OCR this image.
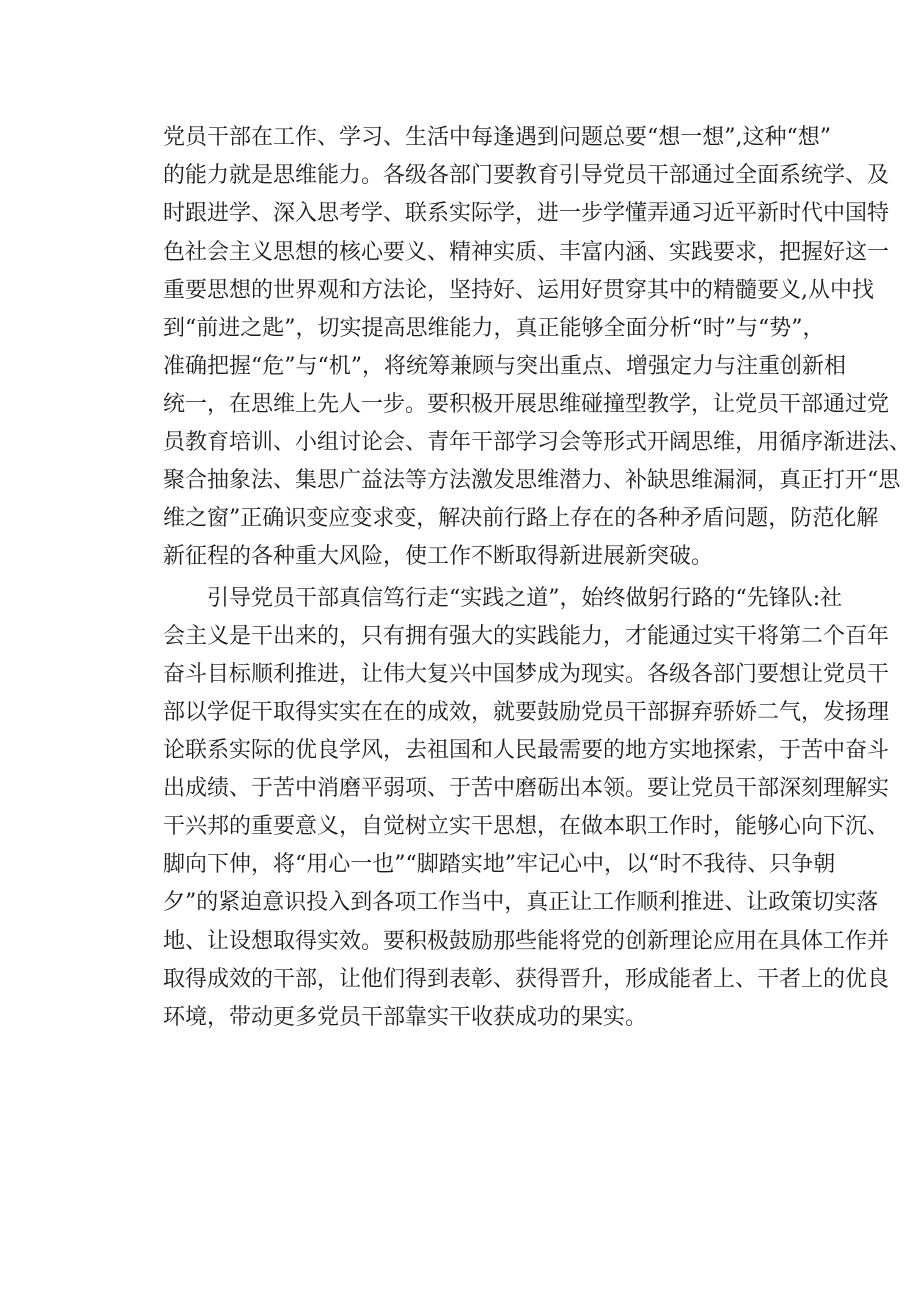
党员干部在工作、学习、生活中每逢遇到问题总要“想一想”,这种“想”

的能力就是思维能力。各级各部门要教育引导党员干部通过全面系统学、及

时跟进学、深入思考学、联系实际学，进一步学懂弄通习近平新时代中国特

色社会主义思想的核心要义、精神实质、丰富内涵、实践要求，把握好这一

重要思想的世界观和方法论，坚持好、运用好贯穿其中的精髓要义,从中找

到“前进之匙”，切实提高思维能力，真正能够全面分析“时”与“势”，

准确把握“危”与“机”，将统筹兼顾与突出重点、增强定力与注重创新相

统一，在思维上先人一步。要积极开展思维碰撞型教学，让党员干部通过党

员教育培训、小组讨论会、青年干部学习会等形式开阔思维，用循序渐进法、

聚合抽象法、集思广益法等方法激发思维潜力、补缺思维漏洞，真正打开“思

维之窗”正确识变应变求变，解决前行路上存在的各种矛盾问题，防范化解

新征程的各种重大风险，使工作不断取得新进展新突破。

引导党员干部真信笃行走“实践之道”，始终做躬行路的“先锋队:社

会主义是干出来的，只有拥有强大的实践能力，才能通过实干将第二个百年

奋斗目标顺利推进，让伟大复兴中国梦成为现实。各级各部门要想让党员干

部以学促干取得实实在在的成效，就要鼓励党员干部摒弃骄娇二气，发扬理

论联系实际的优良学风，去祖国和人民最需要的地方实地探索，于苦中奋斗

出成绩、于苦中消磨平弱项、于苦中磨砺出本领。要让党员干部深刻理解实

干兴邦的重要意义，自觉树立实干思想，在做本职工作时，能够心向下沉、

脚向下伸，将“用心一也”“脚踏实地”牢记心中，以“时不我待、只争朝

夕”的紧迫意识投入到各项工作当中，真正让工作顺利推进、让政策切实落

地、让设想取得实效。要积极鼓励那些能将党的创新理论应用在具体工作并

取得成效的干部，让他们得到表彰、获得晋升，形成能者上、干者上的优良

环境，带动更多党员干部靠实干收获成功的果实。
